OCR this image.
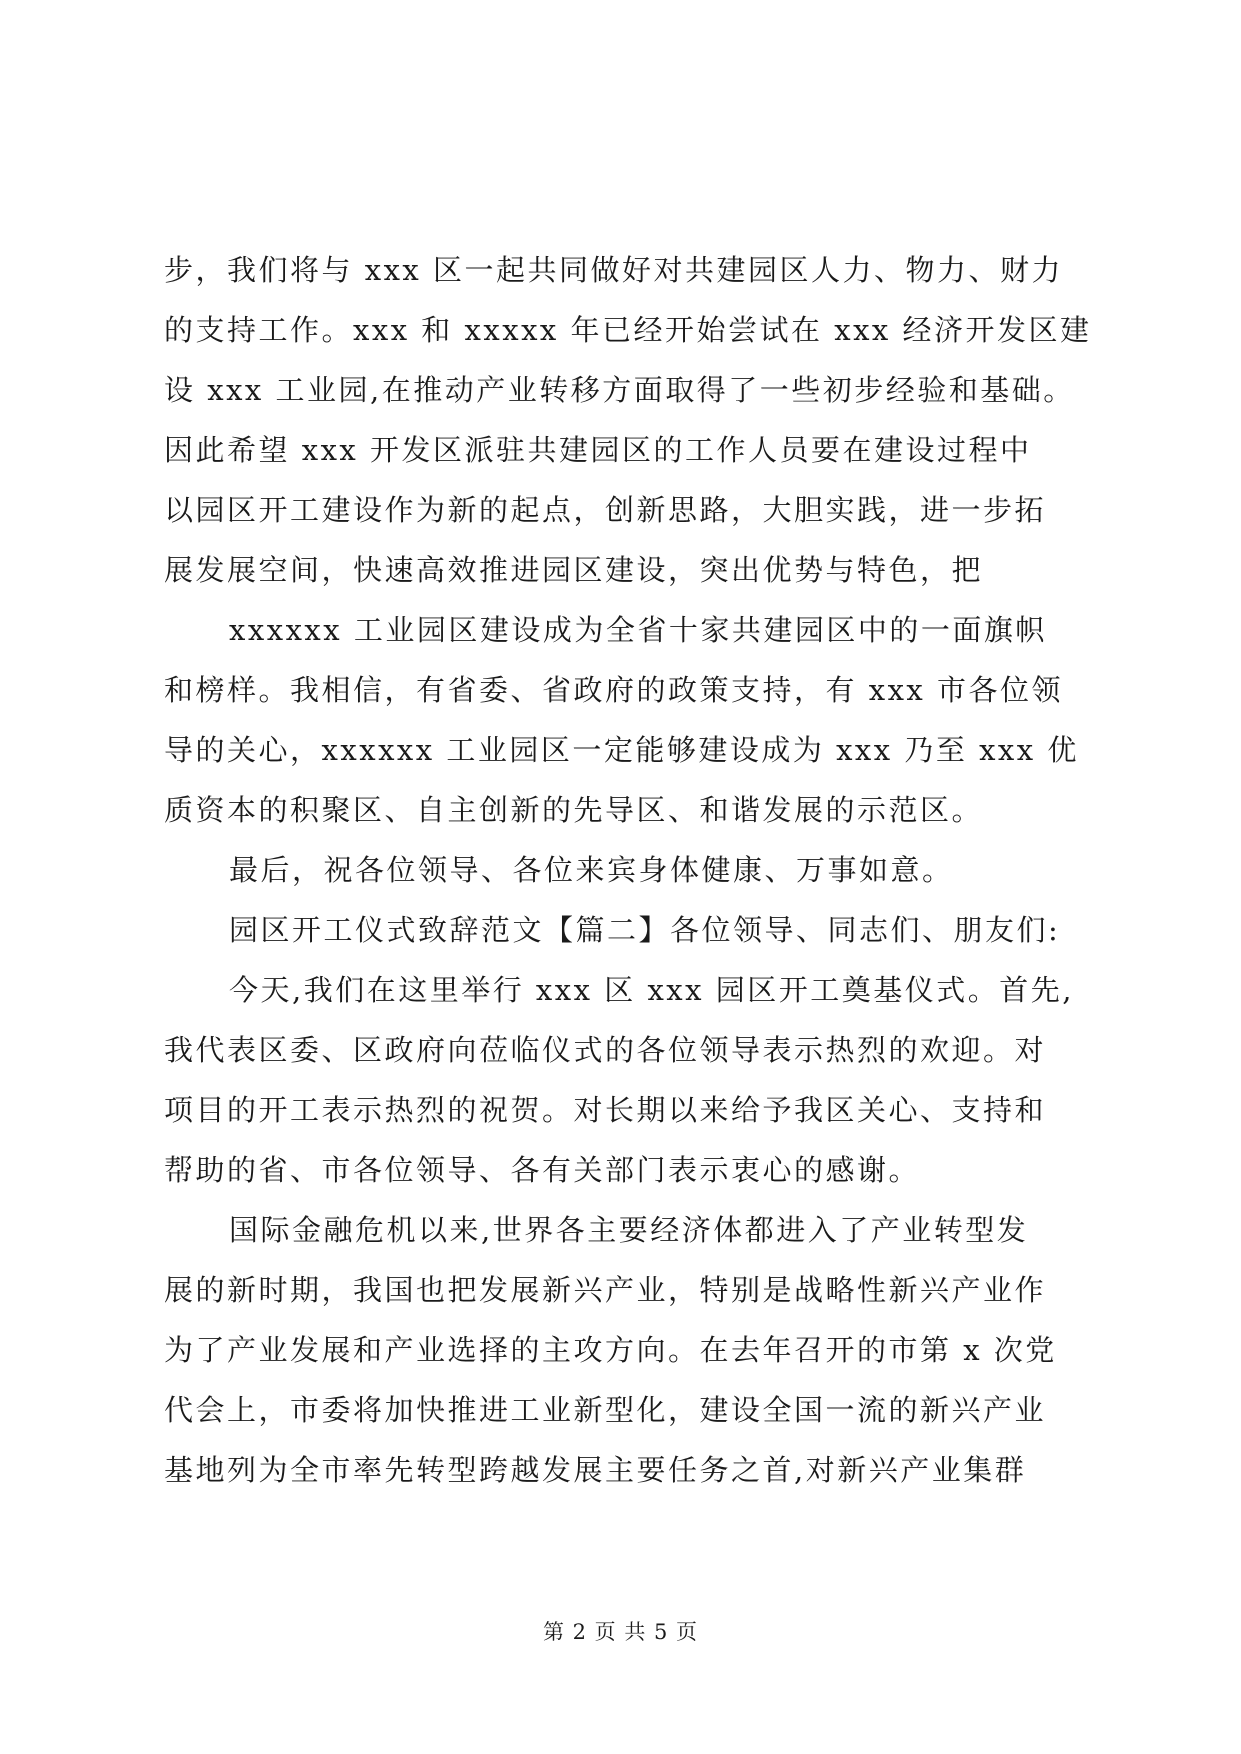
步，我们将与 xxx 区一起共同做好对共建园区人力、物力、财力
的支持工作。xxx 和 xxxxx 年已经开始尝试在 xxx 经济开发区建
设 xxx 工业园,在推动产业转移方面取得了一些初步经验和基础。
因此希望 xxx 开发区派驻共建园区的工作人员要在建设过程中
以园区开工建设作为新的起点，创新思路，大胆实践，进一步拓
展发展空间，快速高效推进园区建设，突出优势与特色，把
xxxxxx 工业园区建设成为全省十家共建园区中的一面旗帜
和榜样。我相信，有省委、省政府的政策支持，有 xxx 市各位领
导的关心，xxxxxx 工业园区一定能够建设成为 xxx 乃至 xxx 优
质资本的积聚区、自主创新的先导区、和谐发展的示范区。
最后，祝各位领导、各位来宾身体健康、万事如意。
园区开工仪式致辞范文【篇二】各位领导、同志们、朋友们:
今天,我们在这里举行 xxx 区 xxx 园区开工奠基仪式。首先,
我代表区委、区政府向莅临仪式的各位领导表示热烈的欢迎。对
项目的开工表示热烈的祝贺。对长期以来给予我区关心、支持和
帮助的省、市各位领导、各有关部门表示衷心的感谢。
国际金融危机以来,世界各主要经济体都进入了产业转型发
展的新时期，我国也把发展新兴产业，特别是战略性新兴产业作
为了产业发展和产业选择的主攻方向。在去年召开的市第 x 次党
代会上，市委将加快推进工业新型化，建设全国一流的新兴产业
基地列为全市率先转型跨越发展主要任务之首,对新兴产业集群
第 2 页 共 5 页
